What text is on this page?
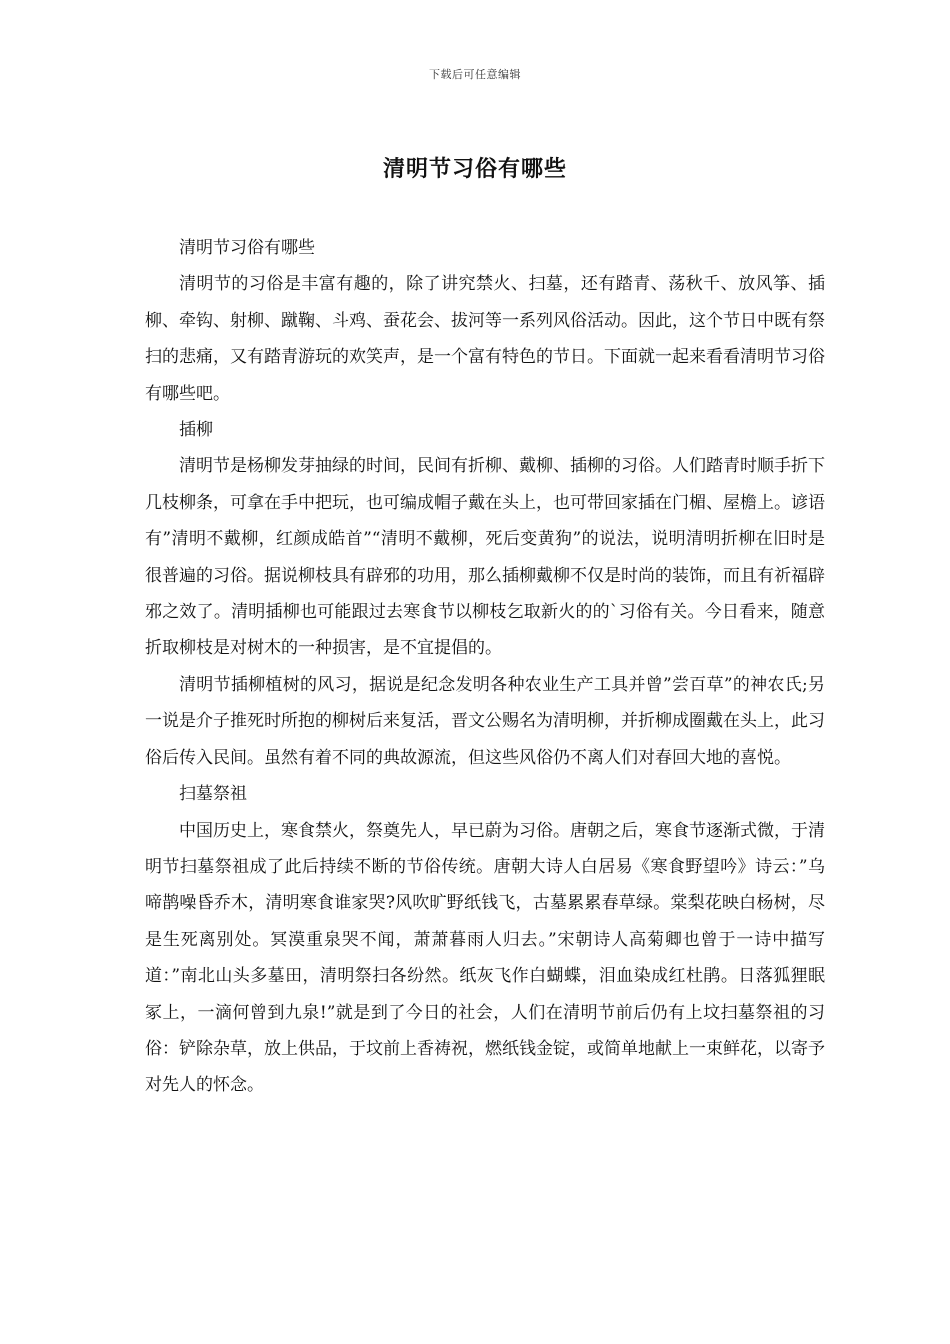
下载后可任意编辑
清明节习俗有哪些

清明节习俗有哪些

清明节的习俗是丰富有趣的，除了讲究禁火、扫墓，还有踏青、荡秋千、放风筝、插柳、牵钩、射柳、蹴鞠、斗鸡、蚕花会、拔河等一系列风俗活动。因此，这个节日中既有祭扫的悲痛，又有踏青游玩的欢笑声，是一个富有特色的节日。下面就一起来看看清明节习俗有哪些吧。

插柳

清明节是杨柳发芽抽绿的时间，民间有折柳、戴柳、插柳的习俗。人们踏青时顺手折下几枝柳条，可拿在手中把玩，也可编成帽子戴在头上，也可带回家插在门楣、屋檐上。谚语有”清明不戴柳，红颜成皓首”“清明不戴柳，死后变黄狗”的说法，说明清明折柳在旧时是很普遍的习俗。据说柳枝具有辟邪的功用，那么插柳戴柳不仅是时尚的装饰，而且有祈福辟邪之效了。清明插柳也可能跟过去寒食节以柳枝乞取新火的的`习俗有关。今日看来，随意折取柳枝是对树木的一种损害，是不宜提倡的。

清明节插柳植树的风习，据说是纪念发明各种农业生产工具并曾”尝百草”的神农氏;另一说是介子推死时所抱的柳树后来复活，晋文公赐名为清明柳，并折柳成圈戴在头上，此习俗后传入民间。虽然有着不同的典故源流，但这些风俗仍不离人们对春回大地的喜悦。

扫墓祭祖

中国历史上，寒食禁火，祭奠先人，早已蔚为习俗。唐朝之后，寒食节逐渐式微，于清明节扫墓祭祖成了此后持续不断的节俗传统。唐朝大诗人白居易《寒食野望吟》诗云：”乌啼鹊噪昏乔木，清明寒食谁家哭?风吹旷野纸钱飞，古墓累累春草绿。棠梨花映白杨树，尽是生死离别处。冥漠重泉哭不闻，萧萧暮雨人归去。”宋朝诗人高菊卿也曾于一诗中描写道：”南北山头多墓田，清明祭扫各纷然。纸灰飞作白蝴蝶，泪血染成红杜鹃。日落狐狸眠冢上，一滴何曾到九泉!”就是到了今日的社会，人们在清明节前后仍有上坟扫墓祭祖的习俗：铲除杂草，放上供品，于坟前上香祷祝，燃纸钱金锭，或简单地献上一束鲜花，以寄予对先人的怀念。
